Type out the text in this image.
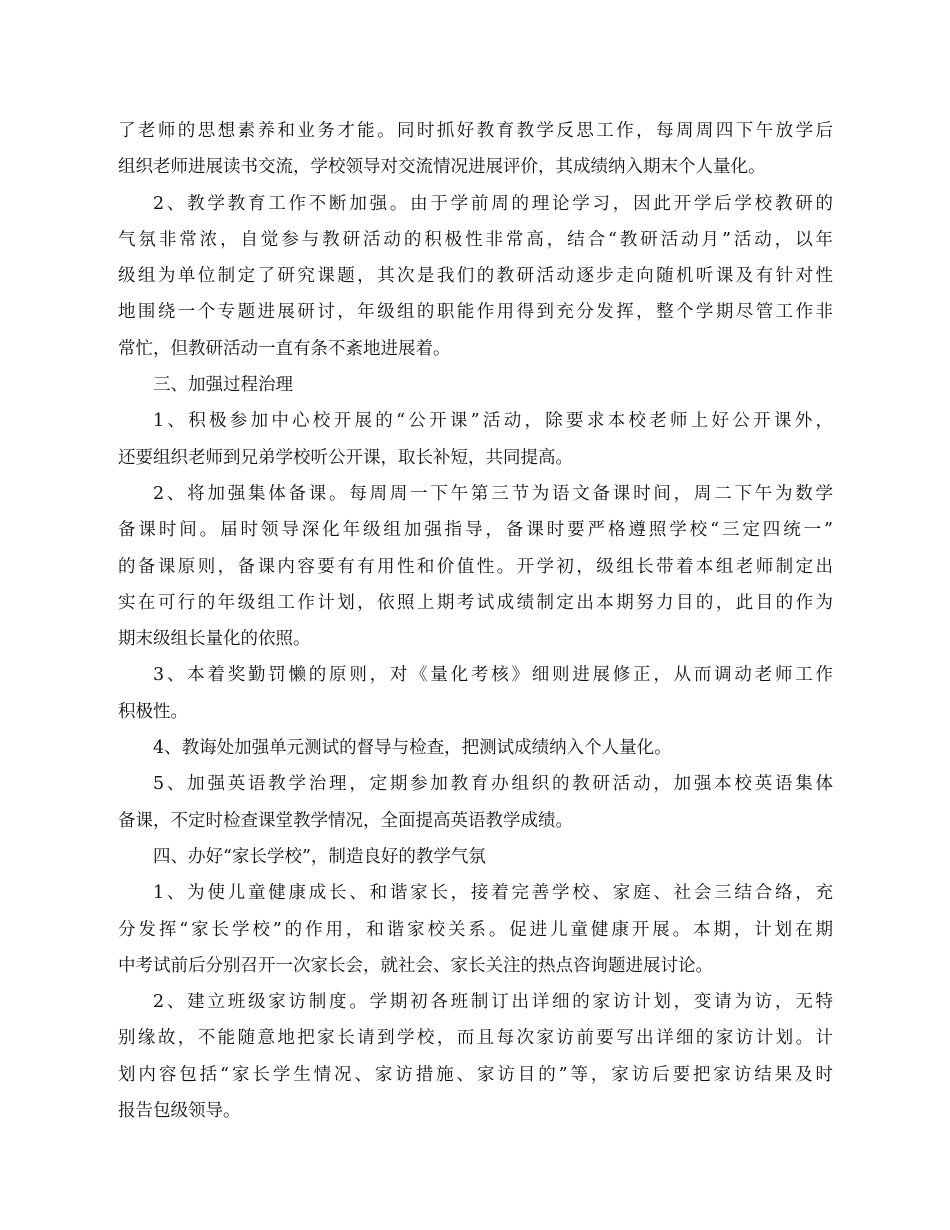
了老师的思想素养和业务才能。同时抓好教育教学反思工作，每周周四下午放学后
组织老师进展读书交流，学校领导对交流情况进展评价，其成绩纳入期末个人量化。
2、教学教育工作不断加强。由于学前周的理论学习，因此开学后学校教研的
气氛非常浓，自觉参与教研活动的积极性非常高，结合“教研活动月”活动，以年
级组为单位制定了研究课题，其次是我们的教研活动逐步走向随机听课及有针对性
地围绕一个专题进展研讨，年级组的职能作用得到充分发挥，整个学期尽管工作非
常忙，但教研活动一直有条不紊地进展着。
三、加强过程治理
1、积极参加中心校开展的“公开课”活动，除要求本校老师上好公开课外，
还要组织老师到兄弟学校听公开课，取长补短，共同提高。
2、将加强集体备课。每周周一下午第三节为语文备课时间，周二下午为数学
备课时间。届时领导深化年级组加强指导，备课时要严格遵照学校“三定四统一”
的备课原则，备课内容要有有用性和价值性。开学初，级组长带着本组老师制定出
实在可行的年级组工作计划，依照上期考试成绩制定出本期努力目的，此目的作为
期末级组长量化的依照。
3、本着奖勤罚懒的原则，对《量化考核》细则进展修正，从而调动老师工作
积极性。
4、教诲处加强单元测试的督导与检查，把测试成绩纳入个人量化。
5、加强英语教学治理，定期参加教育办组织的教研活动，加强本校英语集体
备课，不定时检查课堂教学情况，全面提高英语教学成绩。
四、办好“家长学校”，制造良好的教学气氛
1、为使儿童健康成长、和谐家长，接着完善学校、家庭、社会三结合络，充
分发挥“家长学校”的作用，和谐家校关系。促进儿童健康开展。本期，计划在期
中考试前后分别召开一次家长会，就社会、家长关注的热点咨询题进展讨论。
2、建立班级家访制度。学期初各班制订出详细的家访计划，变请为访，无特
别缘故，不能随意地把家长请到学校，而且每次家访前要写出详细的家访计划。计
划内容包括“家长学生情况、家访措施、家访目的”等，家访后要把家访结果及时
报告包级领导。
